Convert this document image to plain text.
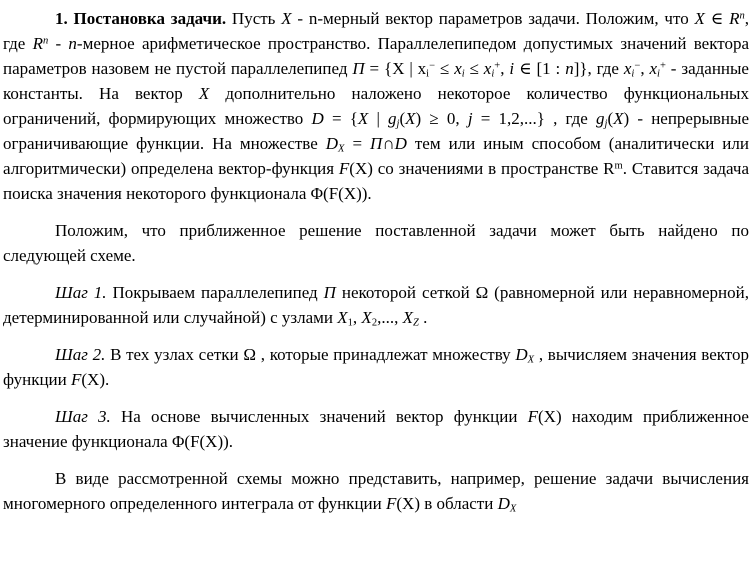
1. Постановка задачи. Пусть X - n-мерный вектор параметров задачи. Положим, что X ∈ $R^n$, где $R^n$ - n-мерное арифметическое пространство. Параллелепипедом допустимых значений вектора параметров назовем не пустой параллелепипед Π = {X | $x_i^- \le x_i \le x_i^+$, i ∈ [1 : n]}, где $x_i^-$, $x_i^+$ - заданные константы. На вектор X дополнительно наложено некоторое количество функциональных ограничений, формирующих множество D = {X | $g_j(X) \ge 0$, j = 1,2,...} , где $g_j(X)$ - непрерывные ограничивающие функции. На множестве $D_X$ = Π∩D тем или иным способом (аналитически или алгоритмически) определена вектор-функция F(X) со значениями в пространстве $R^m$. Ставится задача поиска значения некоторого функционала Φ(F(X)).

Положим, что приближенное решение поставленной задачи может быть найдено по следующей схеме.

Шаг 1. Покрываем параллелепипед Π некоторой сеткой Ω (равномерной или неравномерной, детерминированной или случайной) с узлами $X_1$, $X_2$,..., $X_Z$ .

Шаг 2. В тех узлах сетки Ω , которые принадлежат множеству $D_X$ , вычисляем значения вектор функции F(X).

Шаг 3. На основе вычисленных значений вектор функции F(X) находим приближенное значение функционала Φ(F(X)).

В виде рассмотренной схемы можно представить, например, решение задачи вычисления многомерного определенного интеграла от функции F(X) в области $D_X$
